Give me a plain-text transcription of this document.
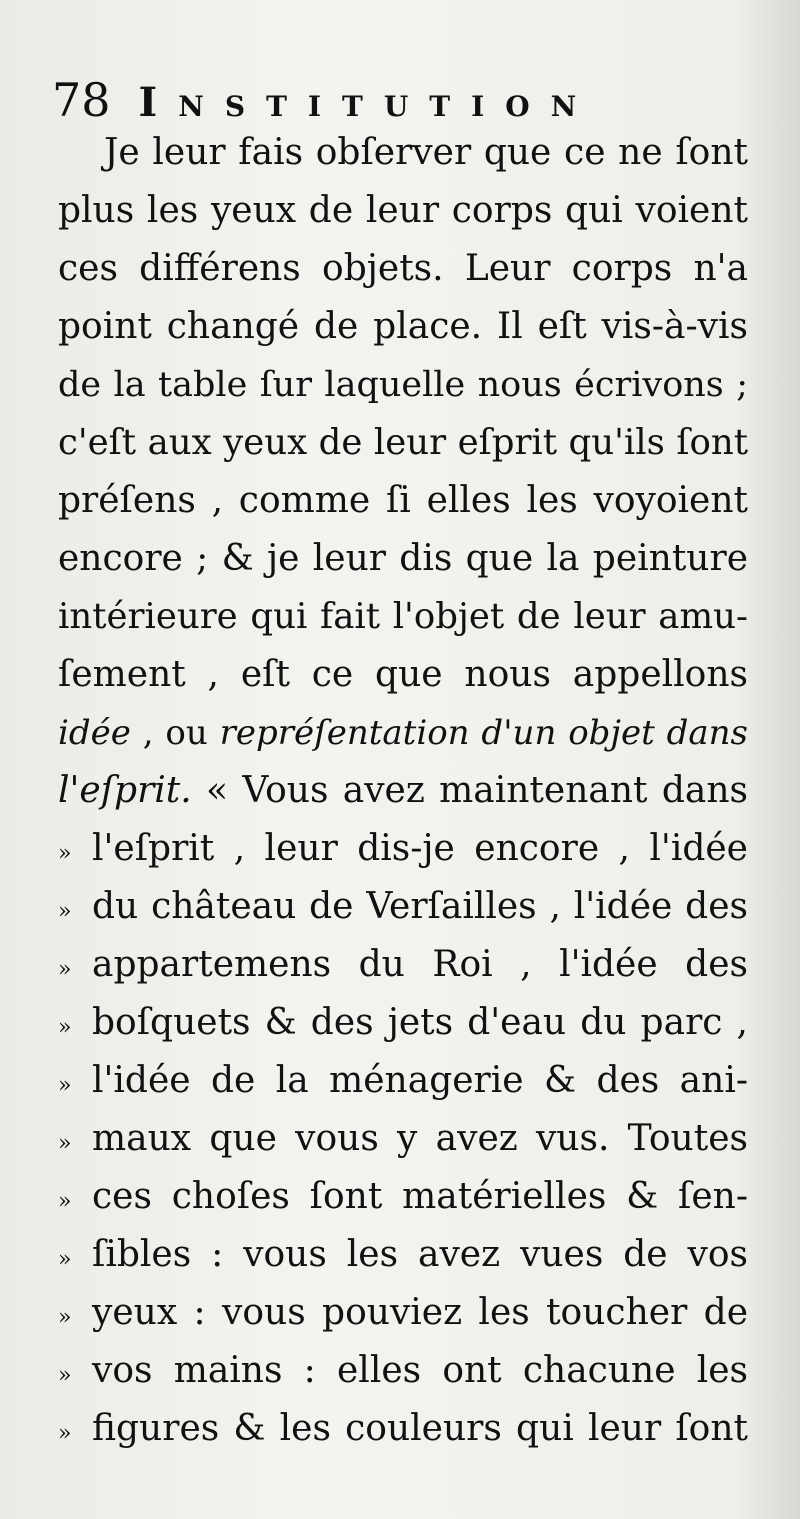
78 Institution
Je leur fais obſerver que ce ne ſont
plus les yeux de leur corps qui voient
ces différens objets. Leur corps n'a
point changé de place. Il eſt vis-à-vis
de la table ſur laquelle nous écrivons ;
c'eſt aux yeux de leur eſprit qu'ils ſont
préſens , comme ſi elles les voyoient
encore ; & je leur dis que la peinture
intérieure qui fait l'objet de leur amu-
ſement , eſt ce que nous appellons
idée , ou repréſentation d'un objet dans
l'eſprit. « Vous avez maintenant dans
» l'eſprit , leur dis-je encore , l'idée
» du château de Verſailles , l'idée des
» appartemens du Roi , l'idée des
» boſquets & des jets d'eau du parc ,
» l'idée de la ménagerie & des ani-
» maux que vous y avez vus. Toutes
» ces choſes ſont matérielles & ſen-
» ſibles : vous les avez vues de vos
» yeux : vous pouviez les toucher de
» vos mains : elles ont chacune les
» figures & les couleurs qui leur ſont
